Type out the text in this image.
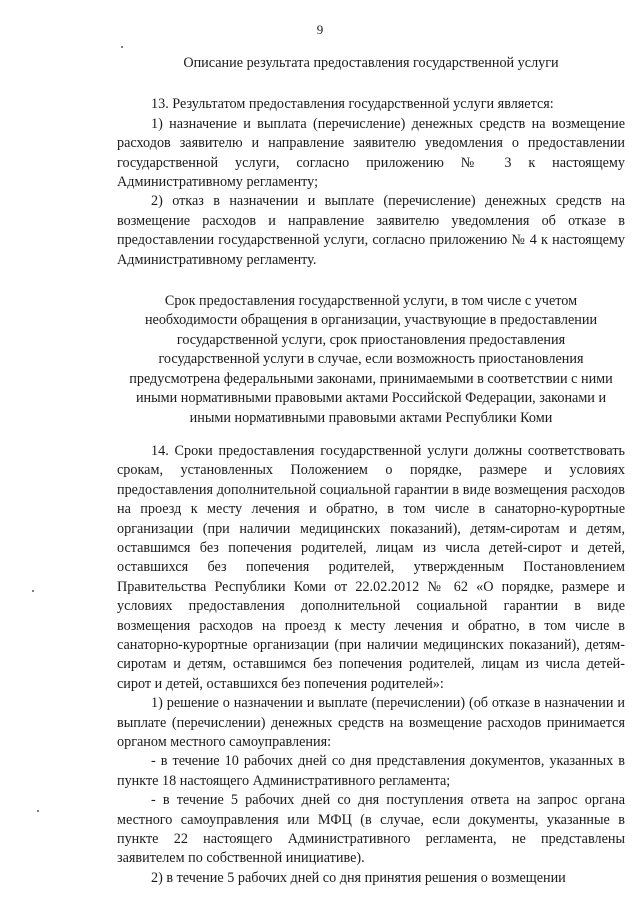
9
Описание результата предоставления государственной услуги

13. Результатом предоставления государственной услуги является:

1) назначение и выплата (перечисление) денежных средств на возмещение расходов заявителю и направление заявителю уведомления о предоставлении государственной услуги, согласно приложению № 3 к настоящему Административному регламенту;

2) отказ в назначении и выплате (перечисление) денежных средств на возмещение расходов и направление заявителю уведомления об отказе в предоставлении государственной услуги, согласно приложению № 4 к настоящему Административному регламенту.

Срок предоставления государственной услуги, в том числе с учетом необходимости обращения в организации, участвующие в предоставлении государственной услуги, срок приостановления предоставления государственной услуги в случае, если возможность приостановления предусмотрена федеральными законами, принимаемыми в соответствии с ними иными нормативными правовыми актами Российской Федерации, законами и иными нормативными правовыми актами Республики Коми

14. Сроки предоставления государственной услуги должны соответствовать срокам, установленных Положением о порядке, размере и условиях предоставления дополнительной социальной гарантии в виде возмещения расходов на проезд к месту лечения и обратно, в том числе в санаторно-курортные организации (при наличии медицинских показаний), детям-сиротам и детям, оставшимся без попечения родителей, лицам из числа детей-сирот и детей, оставшихся без попечения родителей, утвержденным Постановлением Правительства Республики Коми от 22.02.2012 № 62 «О порядке, размере и условиях предоставления дополнительной социальной гарантии в виде возмещения расходов на проезд к месту лечения и обратно, в том числе в санаторно-курортные организации (при наличии медицинских показаний), детям-сиротам и детям, оставшимся без попечения родителей, лицам из числа детей-сирот и детей, оставшихся без попечения родителей»:

1) решение о назначении и выплате (перечислении) (об отказе в назначении и выплате (перечислении) денежных средств на возмещение расходов принимается органом местного самоуправления:

- в течение 10 рабочих дней со дня представления документов, указанных в пункте 18 настоящего Административного регламента;

- в течение 5 рабочих дней со дня поступления ответа на запрос органа местного самоуправления или МФЦ (в случае, если документы, указанные в пункте 22 настоящего Административного регламента, не представлены заявителем по собственной инициативе).

2) в течение 5 рабочих дней со дня принятия решения о возмещении
